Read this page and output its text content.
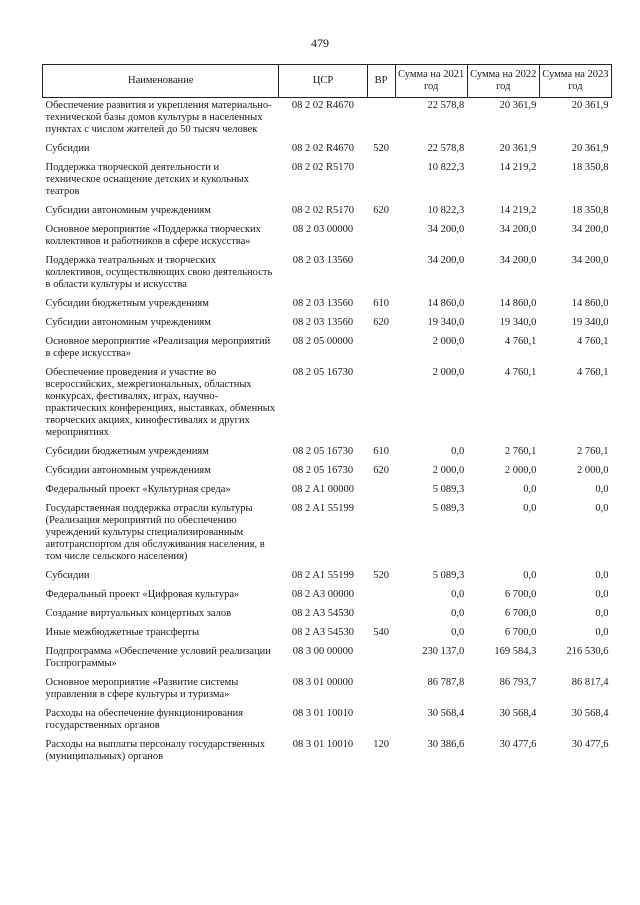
479
Наименование	ЦСР	ВР	Сумма на 2021 год	Сумма на 2022 год	Сумма на 2023 год
Обеспечение развития и укрепления материально-технической базы домов культуры в населенных пунктах с числом жителей до 50 тысяч человек	08 2 02 R4670		22 578,8	20 361,9	20 361,9
Субсидии	08 2 02 R4670	520	22 578,8	20 361,9	20 361,9
Поддержка творческой деятельности и техническое оснащение детских и кукольных театров	08 2 02 R5170		10 822,3	14 219,2	18 350,8
Субсидии автономным учреждениям	08 2 02 R5170	620	10 822,3	14 219,2	18 350,8
Основное мероприятие «Поддержка творческих коллективов и работников в сфере искусства»	08 2 03 00000		34 200,0	34 200,0	34 200,0
Поддержка театральных и творческих коллективов, осуществляющих свою деятельность в области культуры и искусства	08 2 03 13560		34 200,0	34 200,0	34 200,0
Субсидии бюджетным учреждениям	08 2 03 13560	610	14 860,0	14 860,0	14 860,0
Субсидии автономным учреждениям	08 2 03 13560	620	19 340,0	19 340,0	19 340,0
Основное мероприятие «Реализация мероприятий в сфере искусства»	08 2 05 00000		2 000,0	4 760,1	4 760,1
Обеспечение проведения и участие во всероссийских, межрегиональных, областных конкурсах, фестивалях, играх, научно-практических конференциях, выставках, обменных творческих акциях, кинофестивалях и других мероприятиях	08 2 05 16730		2 000,0	4 760,1	4 760,1
Субсидии бюджетным учреждениям	08 2 05 16730	610	0,0	2 760,1	2 760,1
Субсидии автономным учреждениям	08 2 05 16730	620	2 000,0	2 000,0	2 000,0
Федеральный проект «Культурная среда»	08 2 A1 00000		5 089,3	0,0	0,0
Государственная поддержка отрасли культуры (Реализация мероприятий по обеспечению учреждений культуры специализированным автотранспортом для обслуживания населения, в том числе сельского населения)	08 2 A1 55199		5 089,3	0,0	0,0
Субсидии	08 2 A1 55199	520	5 089,3	0,0	0,0
Федеральный проект «Цифровая культура»	08 2 A3 00000		0,0	6 700,0	0,0
Создание виртуальных концертных залов	08 2 A3 54530		0,0	6 700,0	0,0
Иные межбюджетные трансферты	08 2 A3 54530	540	0,0	6 700,0	0,0
Подпрограмма «Обеспечение условий реализации Госпрограммы»	08 3 00 00000		230 137,0	169 584,3	216 530,6
Основное мероприятие «Развитие системы управления в сфере культуры и туризма»	08 3 01 00000		86 787,8	86 793,7	86 817,4
Расходы на обеспечение функционирования государственных органов	08 3 01 10010		30 568,4	30 568,4	30 568,4
Расходы на выплаты персоналу государственных (муниципальных) органов	08 3 01 10010	120	30 386,6	30 477,6	30 477,6
